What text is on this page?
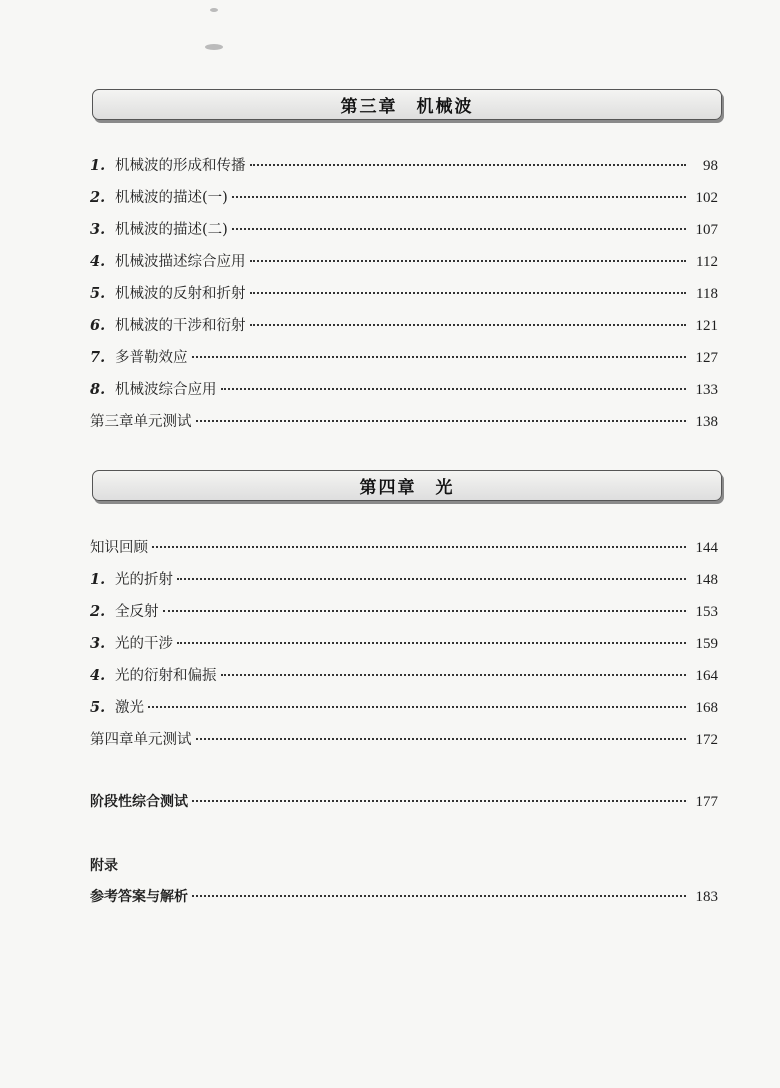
第三章　机械波
1. 机械波的形成和传播	98
2. 机械波的描述(一)	102
3. 机械波的描述(二)	107
4. 机械波描述综合应用	112
5. 机械波的反射和折射	118
6. 机械波的干涉和衍射	121
7. 多普勒效应	127
8. 机械波综合应用	133
第三章单元测试	138
第四章　光
知识回顾	144
1. 光的折射	148
2. 全反射	153
3. 光的干涉	159
4. 光的衍射和偏振	164
5. 激光	168
第四章单元测试	172
阶段性综合测试	177
附录
参考答案与解析	183
